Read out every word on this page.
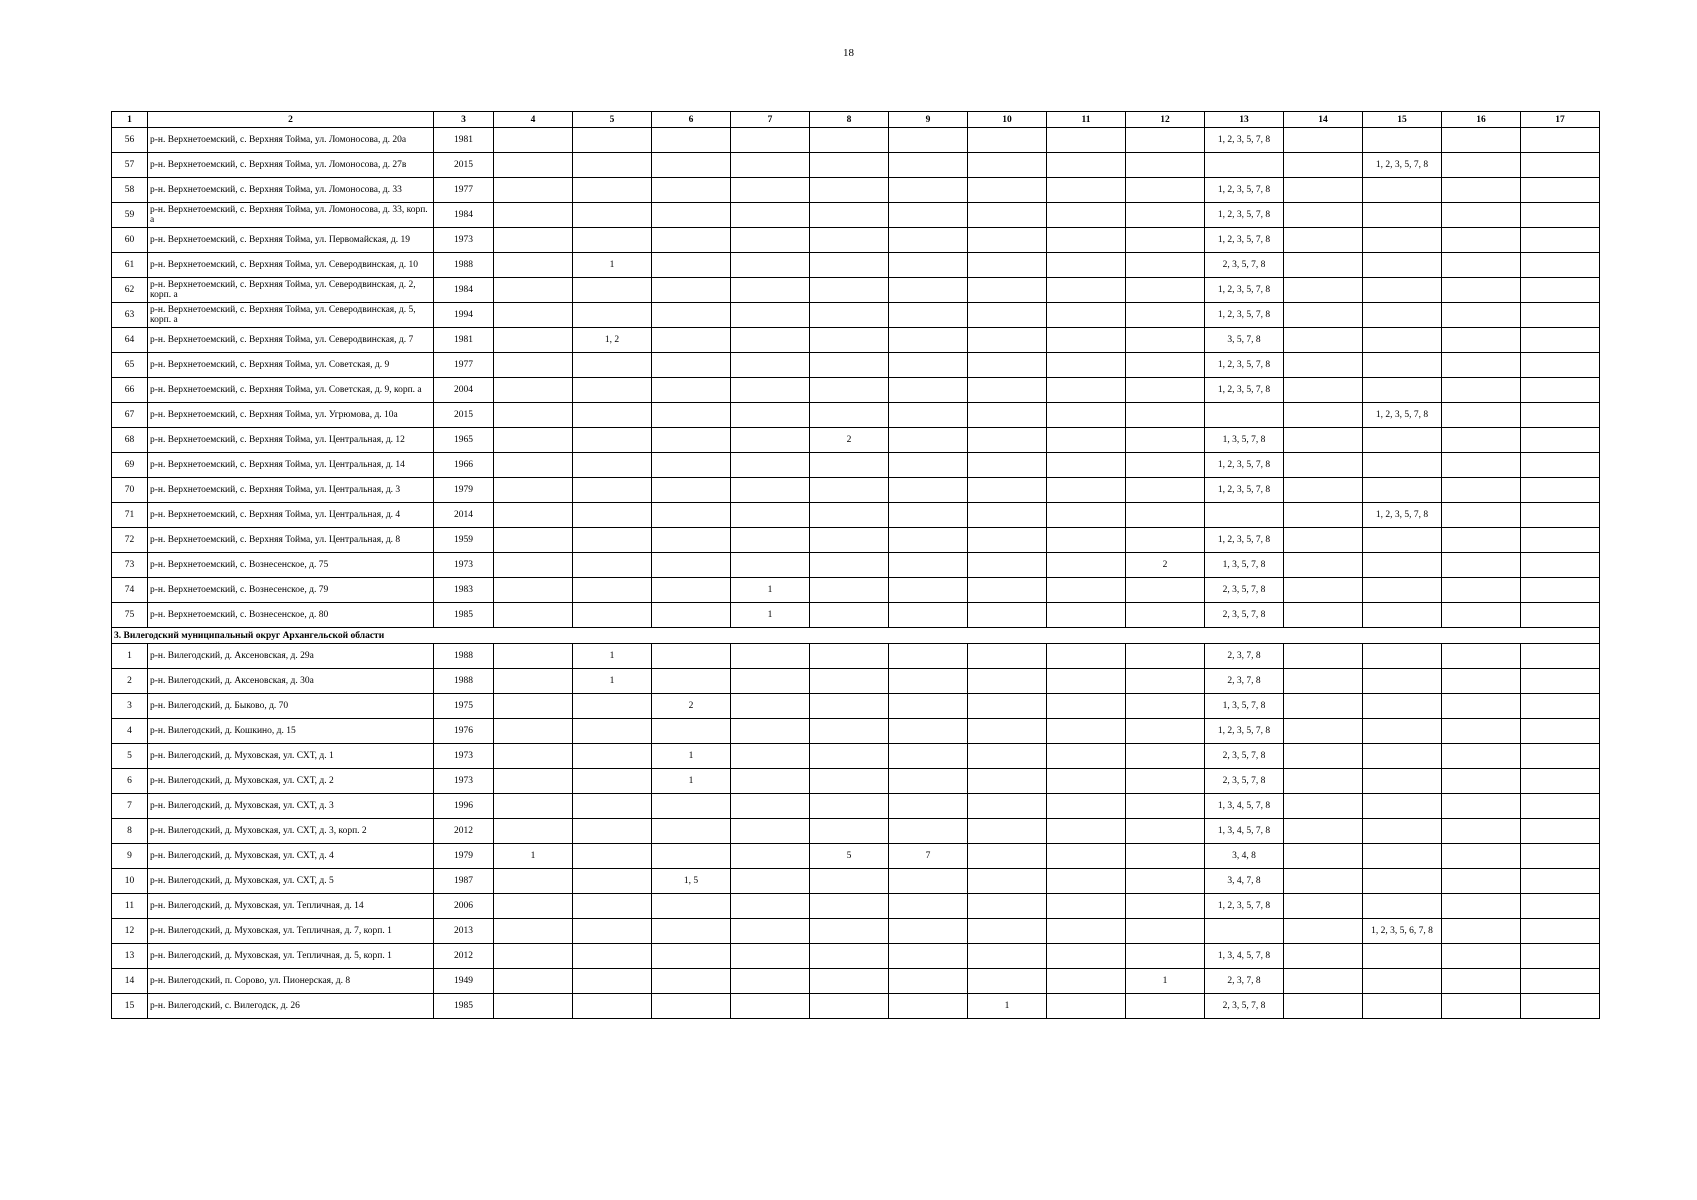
18
1	2	3	4	5	6	7	8	9	10	11	12	13	14	15	16	17
56	р-н. Верхнетоемский, с. Верхняя Тойма, ул. Ломоносова, д. 20а	1981										1, 2, 3, 5, 7, 8				
57	р-н. Верхнетоемский, с. Верхняя Тойма, ул. Ломоносова, д. 27в	2015												1, 2, 3, 5, 7, 8		
58	р-н. Верхнетоемский, с. Верхняя Тойма, ул. Ломоносова, д. 33	1977										1, 2, 3, 5, 7, 8				
59	р-н. Верхнетоемский, с. Верхняя Тойма, ул. Ломоносова, д. 33, корп. а	1984										1, 2, 3, 5, 7, 8				
60	р-н. Верхнетоемский, с. Верхняя Тойма, ул. Первомайская, д. 19	1973										1, 2, 3, 5, 7, 8				
61	р-н. Верхнетоемский, с. Верхняя Тойма, ул. Северодвинская, д. 10	1988		1								2, 3, 5, 7, 8				
62	р-н. Верхнетоемский, с. Верхняя Тойма, ул. Северодвинская, д. 2, корп. а	1984										1, 2, 3, 5, 7, 8				
63	р-н. Верхнетоемский, с. Верхняя Тойма, ул. Северодвинская, д. 5, корп. а	1994										1, 2, 3, 5, 7, 8				
64	р-н. Верхнетоемский, с. Верхняя Тойма, ул. Северодвинская, д. 7	1981		1, 2								3, 5, 7, 8				
65	р-н. Верхнетоемский, с. Верхняя Тойма, ул. Советская, д. 9	1977										1, 2, 3, 5, 7, 8				
66	р-н. Верхнетоемский, с. Верхняя Тойма, ул. Советская, д. 9, корп. а	2004										1, 2, 3, 5, 7, 8				
67	р-н. Верхнетоемский, с. Верхняя Тойма, ул. Угрюмова, д. 10а	2015												1, 2, 3, 5, 7, 8		
68	р-н. Верхнетоемский, с. Верхняя Тойма, ул. Центральная, д. 12	1965					2					1, 3, 5, 7, 8				
69	р-н. Верхнетоемский, с. Верхняя Тойма, ул. Центральная, д. 14	1966										1, 2, 3, 5, 7, 8				
70	р-н. Верхнетоемский, с. Верхняя Тойма, ул. Центральная, д. 3	1979										1, 2, 3, 5, 7, 8				
71	р-н. Верхнетоемский, с. Верхняя Тойма, ул. Центральная, д. 4	2014												1, 2, 3, 5, 7, 8		
72	р-н. Верхнетоемский, с. Верхняя Тойма, ул. Центральная, д. 8	1959										1, 2, 3, 5, 7, 8				
73	р-н. Верхнетоемский, с. Вознесенское, д. 75	1973									2	1, 3, 5, 7, 8				
74	р-н. Верхнетоемский, с. Вознесенское, д. 79	1983				1						2, 3, 5, 7, 8				
75	р-н. Верхнетоемский, с. Вознесенское, д. 80	1985				1						2, 3, 5, 7, 8				
3. Вилегодский муниципальный округ Архангельской области																
1	р-н. Вилегодский, д. Аксеновская, д. 29а	1988		1								2, 3, 7, 8				
2	р-н. Вилегодский, д. Аксеновская, д. 30а	1988		1								2, 3, 7, 8				
3	р-н. Вилегодский, д. Быково, д. 70	1975			2							1, 3, 5, 7, 8				
4	р-н. Вилегодский, д. Кошкино, д. 15	1976										1, 2, 3, 5, 7, 8				
5	р-н. Вилегодский, д. Муховская, ул. СХТ, д. 1	1973			1							2, 3, 5, 7, 8				
6	р-н. Вилегодский, д. Муховская, ул. СХТ, д. 2	1973			1							2, 3, 5, 7, 8				
7	р-н. Вилегодский, д. Муховская, ул. СХТ, д. 3	1996										1, 3, 4, 5, 7, 8				
8	р-н. Вилегодский, д. Муховская, ул. СХТ, д. 3, корп. 2	2012										1, 3, 4, 5, 7, 8				
9	р-н. Вилегодский, д. Муховская, ул. СХТ, д. 4	1979	1				5	7				3, 4, 8				
10	р-н. Вилегодский, д. Муховская, ул. СХТ, д. 5	1987			1, 5							3, 4, 7, 8				
11	р-н. Вилегодский, д. Муховская, ул. Тепличная, д. 14	2006										1, 2, 3, 5, 7, 8				
12	р-н. Вилегодский, д. Муховская, ул. Тепличная, д. 7, корп. 1	2013												1, 2, 3, 5, 6, 7, 8		
13	р-н. Вилегодский, д. Муховская, ул. Тепличная, д. 5, корп. 1	2012										1, 3, 4, 5, 7, 8				
14	р-н. Вилегодский, п. Сорово, ул. Пионерская, д. 8	1949									1	2, 3, 7, 8				
15	р-н. Вилегодский, с. Вилегодск, д. 26	1985							1			2, 3, 5, 7, 8				
